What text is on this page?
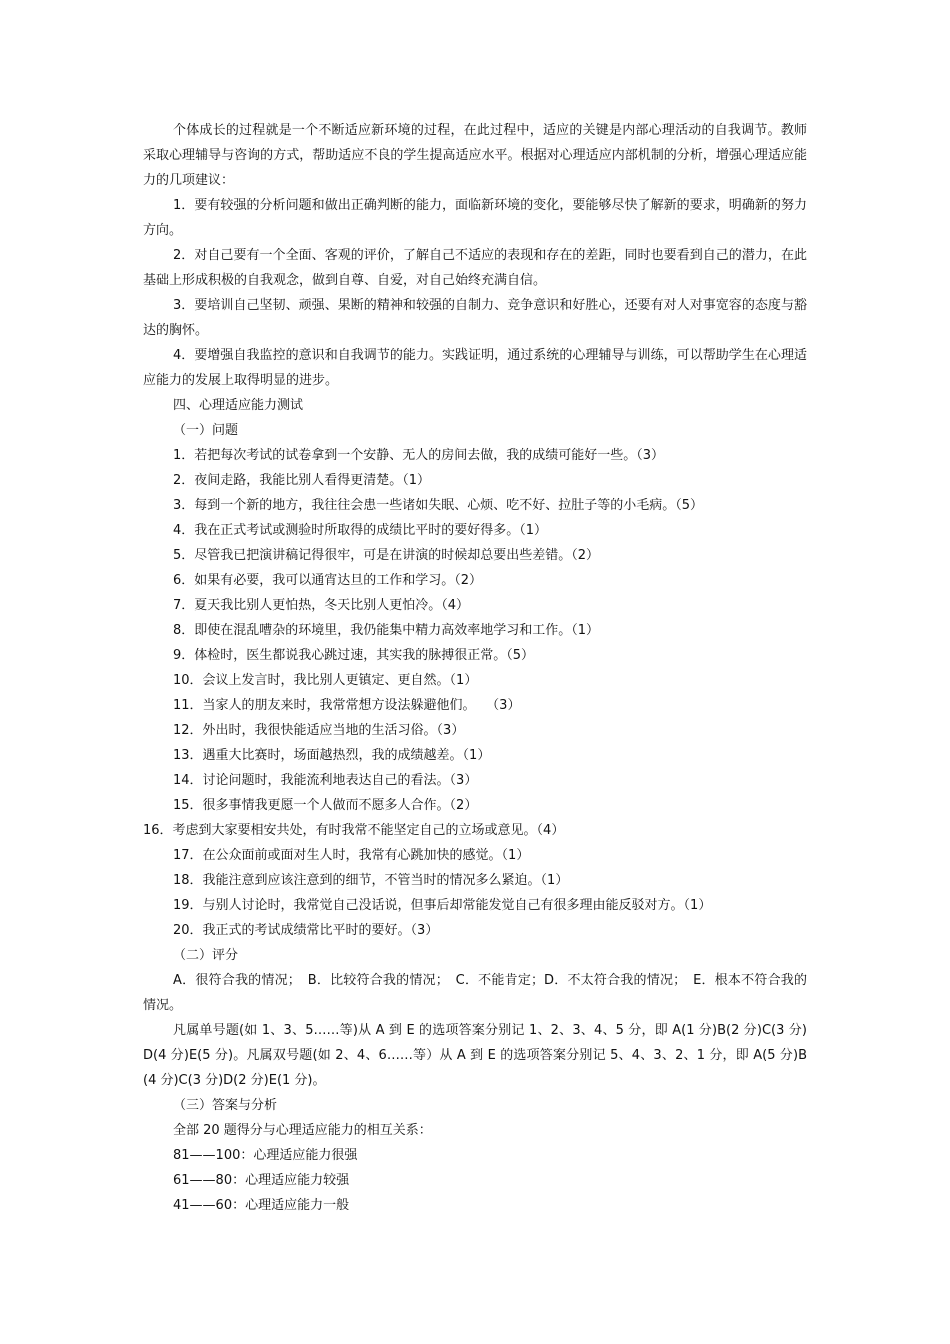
个体成长的过程就是一个不断适应新环境的过程，在此过程中，适应的关键是内部心理活动的自我调节。教师采取心理辅导与咨询的方式，帮助适应不良的学生提高适应水平。根据对心理适应内部机制的分析，增强心理适应能力的几项建议：

1．要有较强的分析问题和做出正确判断的能力，面临新环境的变化，要能够尽快了解新的要求，明确新的努力方向。

2．对自己要有一个全面、客观的评价，了解自己不适应的表现和存在的差距，同时也要看到自己的潜力，在此基础上形成积极的自我观念，做到自尊、自爱，对自己始终充满自信。

3．要培训自己坚韧、顽强、果断的精神和较强的自制力、竞争意识和好胜心，还要有对人对事宽容的态度与豁达的胸怀。

4．要增强自我监控的意识和自我调节的能力。实践证明，通过系统的心理辅导与训练，可以帮助学生在心理适应能力的发展上取得明显的进步。

四、心理适应能力测试

（一）问题

1．若把每次考试的试卷拿到一个安静、无人的房间去做，我的成绩可能好一些。（3）

2．夜间走路，我能比别人看得更清楚。（1）

3．每到一个新的地方，我往往会患一些诸如失眠、心烦、吃不好、拉肚子等的小毛病。（5）

4．我在正式考试或测验时所取得的成绩比平时的要好得多。（1）

5．尽管我已把演讲稿记得很牢，可是在讲演的时候却总要出些差错。（2）

6．如果有必要，我可以通宵达旦的工作和学习。（2）

7．夏天我比别人更怕热，冬天比别人更怕冷。（4）

8．即使在混乱嘈杂的环境里，我仍能集中精力高效率地学习和工作。（1）

9．体检时，医生都说我心跳过速，其实我的脉搏很正常。（5）

10．会议上发言时，我比别人更镇定、更自然。（1）

11．当家人的朋友来时，我常常想方设法躲避他们。　 （3）

12．外出时，我很快能适应当地的生活习俗。（3）

13．遇重大比赛时，场面越热烈，我的成绩越差。（1）

14．讨论问题时，我能流利地表达自己的看法。（3）

15．很多事情我更愿一个人做而不愿多人合作。（2）

16．考虑到大家要相安共处，有时我常不能坚定自己的立场或意见。（4）

17．在公众面前或面对生人时，我常有心跳加快的感觉。（1）

18．我能注意到应该注意到的细节，不管当时的情况多么紧迫。（1）

19．与别人讨论时，我常觉自己没话说，但事后却常能发觉自己有很多理由能反驳对方。（1）

20．我正式的考试成绩常比平时的要好。（3）

（二）评分

A．很符合我的情况；　B．比较符合我的情况；　C．不能肯定；D．不太符合我的情况；　E．根本不符合我的情况。

凡属单号题(如 1、3、5……等)从 A 到 E 的选项答案分别记 1、2、3、4、5 分，即 A(1 分)B(2 分)C(3 分)D(4 分)E(5 分)。凡属双号题(如 2、4、6……等）从 A 到 E 的选项答案分别记 5、4、3、2、1 分，即 A(5 分)B(4 分)C(3 分)D(2 分)E(1 分)。

（三）答案与分析

全部 20 题得分与心理适应能力的相互关系：

81——100：心理适应能力很强

61——80：心理适应能力较强

41——60：心理适应能力一般
